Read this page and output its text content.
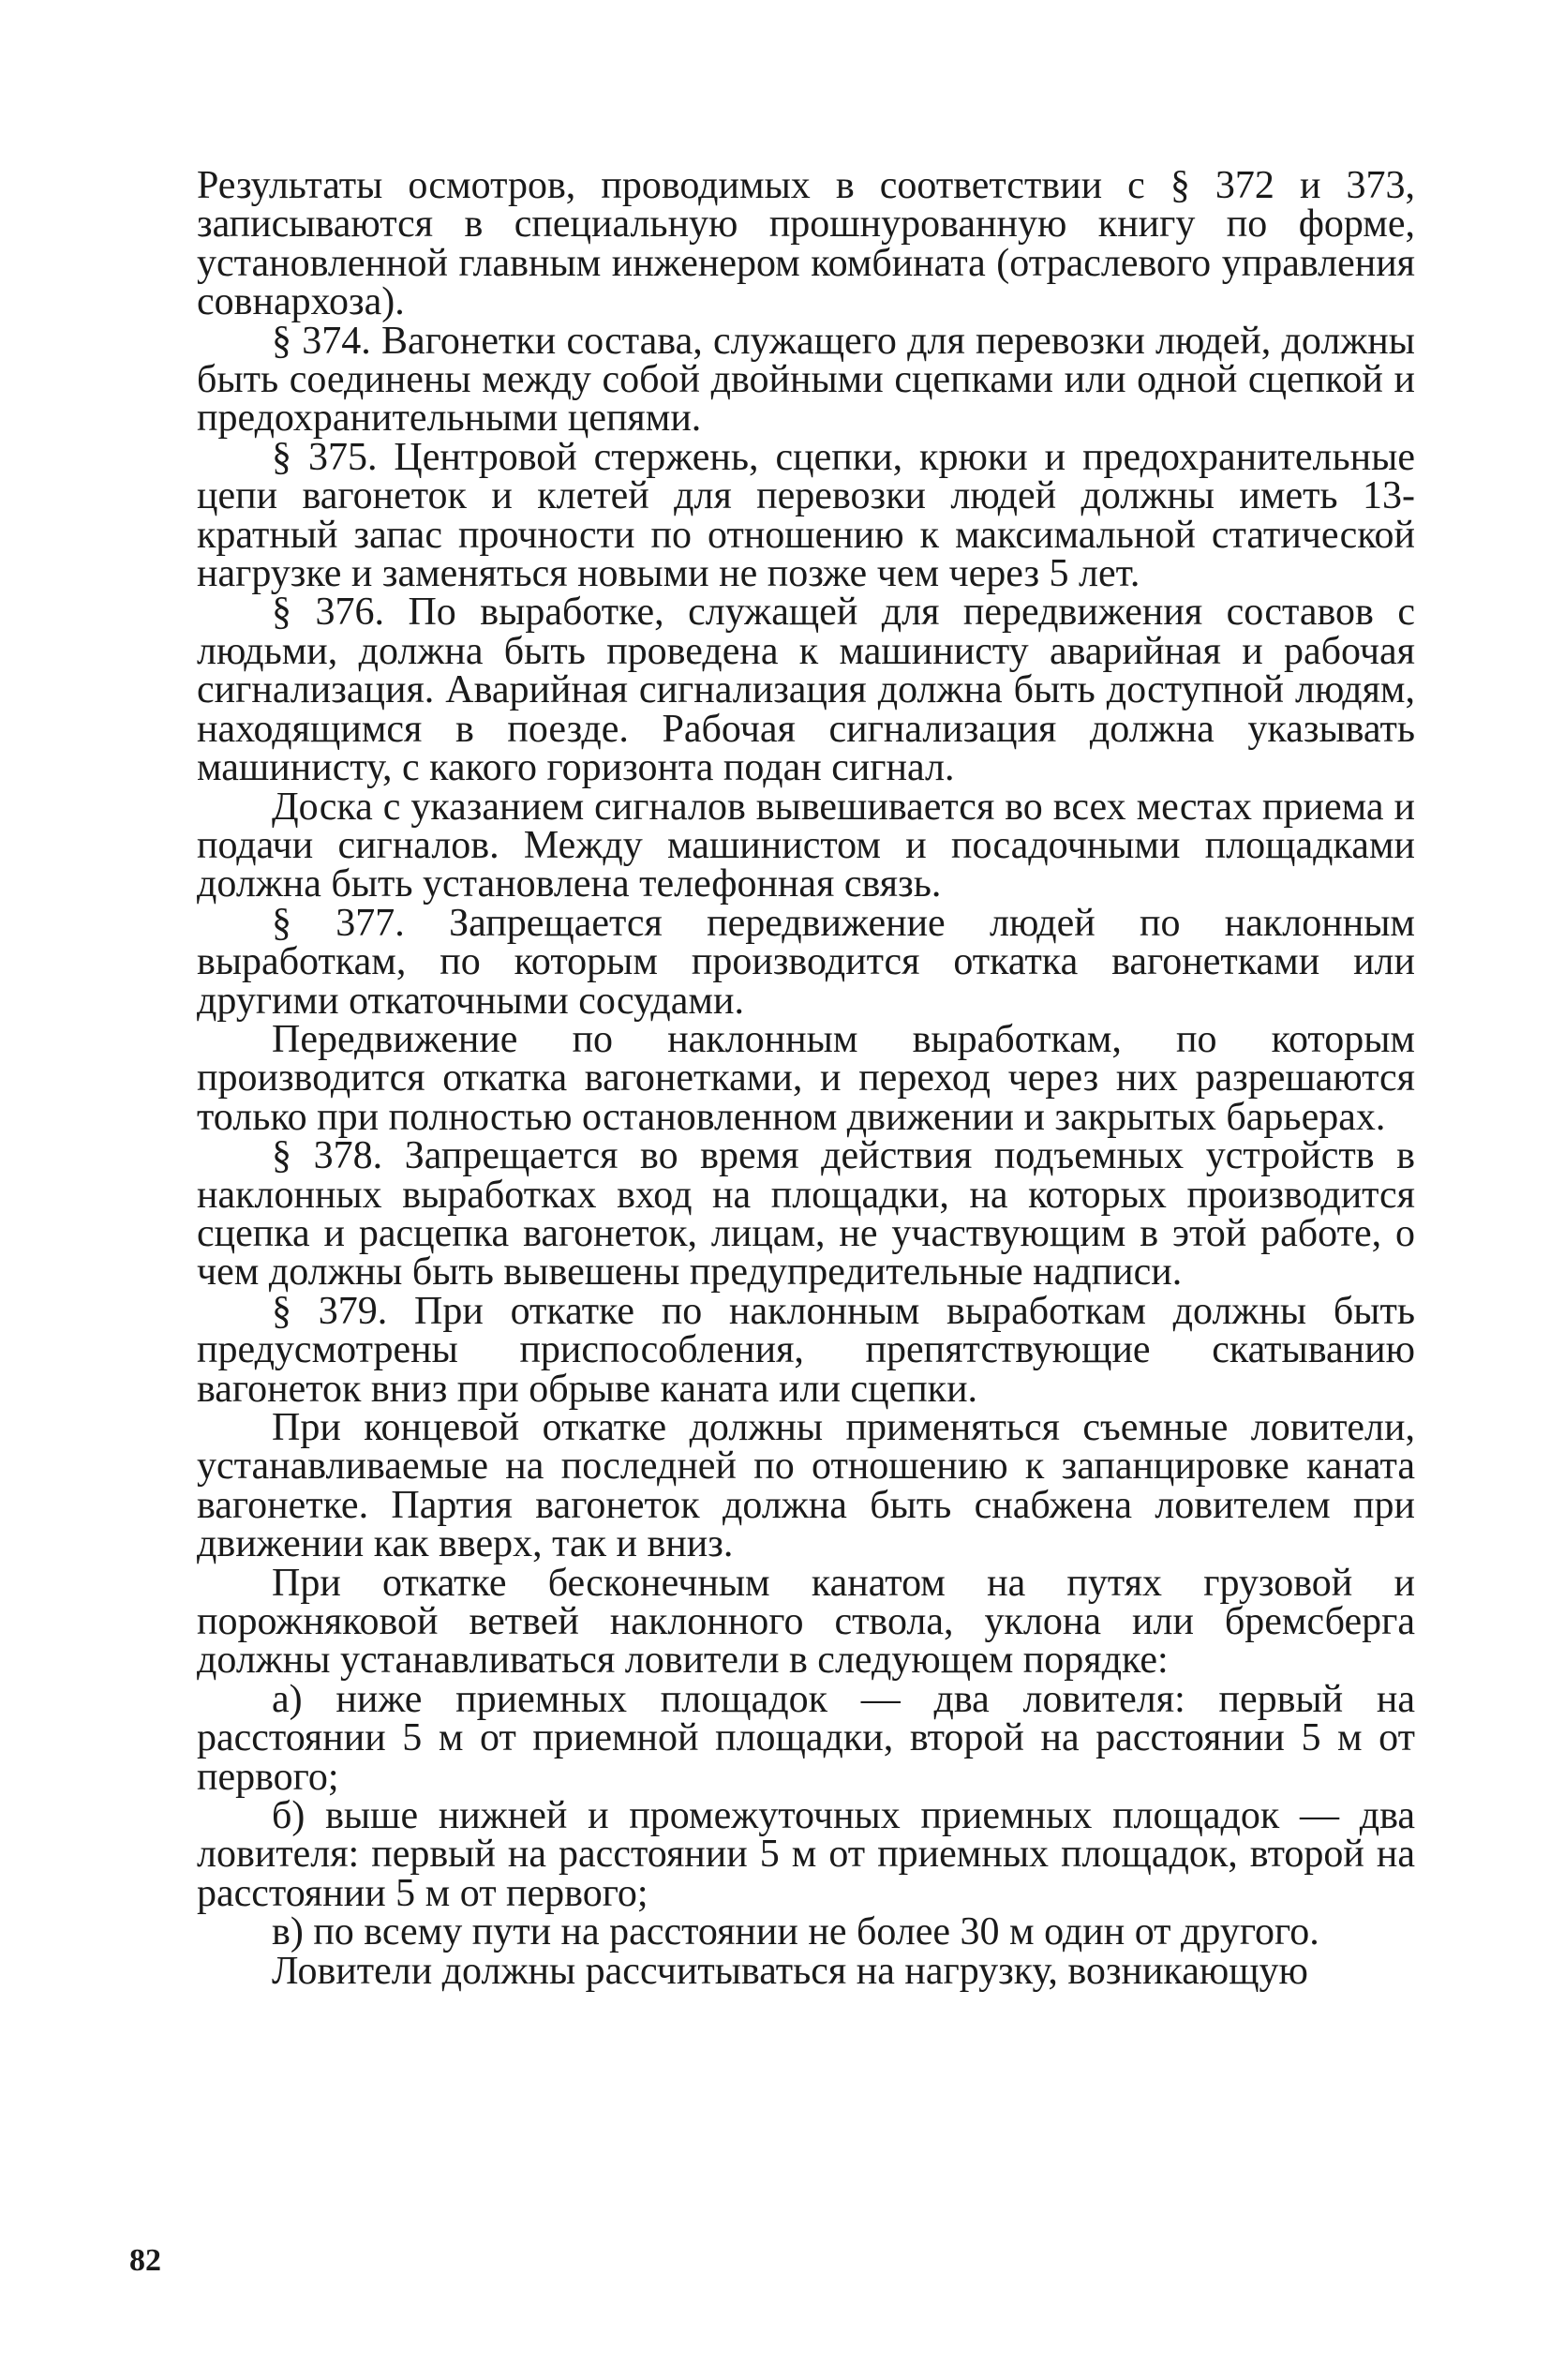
Результаты осмотров, проводимых в соответствии с § 372 и 373, записываются в специальную прошнурованную книгу по форме, установленной главным инженером комбината (отраслевого управления совнархоза).

§ 374. Вагонетки состава, служащего для перевозки людей, должны быть соединены между собой двойными сцепками или одной сцепкой и предохранительными цепями.

§ 375. Центровой стержень, сцепки, крюки и предохранительные цепи вагонеток и клетей для перевозки людей должны иметь 13-кратный запас прочности по отношению к максимальной статической нагрузке и заменяться новыми не позже чем через 5 лет.

§ 376. По выработке, служащей для передвижения составов с людьми, должна быть проведена к машинисту аварийная и рабочая сигнализация. Аварийная сигнализация должна быть доступной людям, находящимся в поезде. Рабочая сигнализация должна указывать машинисту, с какого горизонта подан сигнал.

Доска с указанием сигналов вывешивается во всех местах приема и подачи сигналов. Между машинистом и посадочными площадками должна быть установлена телефонная связь.

§ 377. Запрещается передвижение людей по наклонным выработкам, по которым производится откатка вагонетками или другими откаточными сосудами.

Передвижение по наклонным выработкам, по которым производится откатка вагонетками, и переход через них разрешаются только при полностью остановленном движении и закрытых барьерах.

§ 378. Запрещается во время действия подъемных устройств в наклонных выработках вход на площадки, на которых производится сцепка и расцепка вагонеток, лицам, не участвующим в этой работе, о чем должны быть вывешены предупредительные надписи.

§ 379. При откатке по наклонным выработкам должны быть предусмотрены приспособления, препятствующие скатыванию вагонеток вниз при обрыве каната или сцепки.

При концевой откатке должны применяться съемные ловители, устанавливаемые на последней по отношению к запанцировке каната вагонетке. Партия вагонеток должна быть снабжена ловителем при движении как вверх, так и вниз.

При откатке бесконечным канатом на путях грузовой и порожняковой ветвей наклонного ствола, уклона или бремсберга должны устанавливаться ловители в следующем порядке:

а) ниже приемных площадок — два ловителя: первый на расстоянии 5 м от приемной площадки, второй на расстоянии 5 м от первого;

б) выше нижней и промежуточных приемных площадок — два ловителя: первый на расстоянии 5 м от приемных площадок, второй на расстоянии 5 м от первого;

в) по всему пути на расстоянии не более 30 м один от другого.

Ловители должны рассчитываться на нагрузку, возникающую

82
